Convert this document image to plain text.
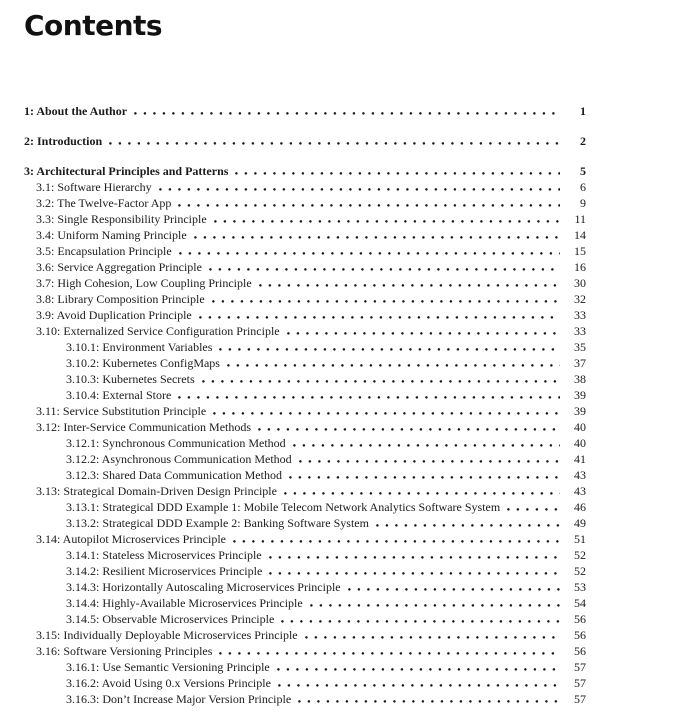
Contents
1: About the Author	1
2: Introduction	2
3: Architectural Principles and Patterns	5
3.1: Software Hierarchy	6
3.2: The Twelve-Factor App	9
3.3: Single Responsibility Principle	11
3.4: Uniform Naming Principle	14
3.5: Encapsulation Principle	15
3.6: Service Aggregation Principle	16
3.7: High Cohesion, Low Coupling Principle	30
3.8: Library Composition Principle	32
3.9: Avoid Duplication Principle	33
3.10: Externalized Service Configuration Principle	33
3.10.1: Environment Variables	35
3.10.2: Kubernetes ConfigMaps	37
3.10.3: Kubernetes Secrets	38
3.10.4: External Store	39
3.11: Service Substitution Principle	39
3.12: Inter-Service Communication Methods	40
3.12.1: Synchronous Communication Method	40
3.12.2: Asynchronous Communication Method	41
3.12.3: Shared Data Communication Method	43
3.13: Strategical Domain-Driven Design Principle	43
3.13.1: Strategical DDD Example 1: Mobile Telecom Network Analytics Software System	46
3.13.2: Strategical DDD Example 2: Banking Software System	49
3.14: Autopilot Microservices Principle	51
3.14.1: Stateless Microservices Principle	52
3.14.2: Resilient Microservices Principle	52
3.14.3: Horizontally Autoscaling Microservices Principle	53
3.14.4: Highly-Available Microservices Principle	54
3.14.5: Observable Microservices Principle	56
3.15: Individually Deployable Microservices Principle	56
3.16: Software Versioning Principles	56
3.16.1: Use Semantic Versioning Principle	57
3.16.2: Avoid Using 0.x Versions Principle	57
3.16.3: Don’t Increase Major Version Principle	57
